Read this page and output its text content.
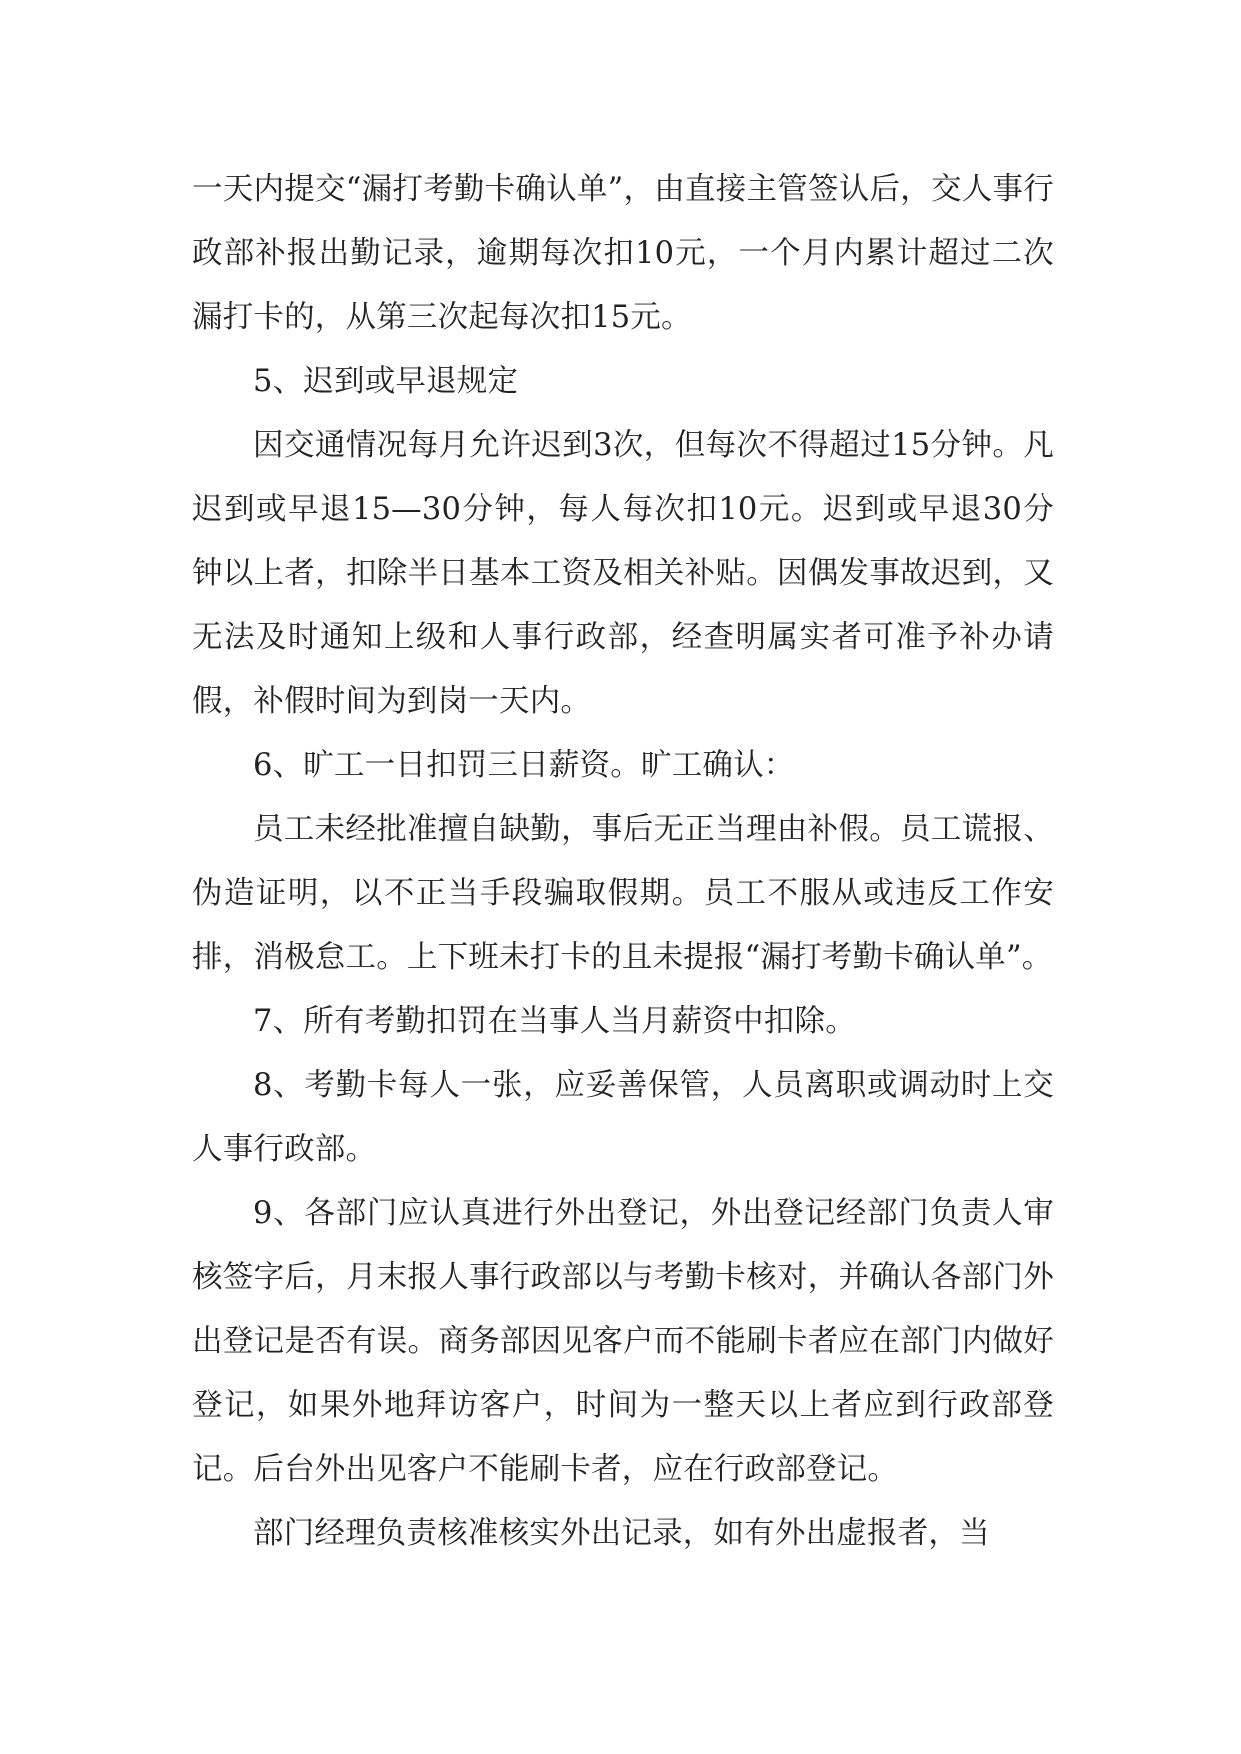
一天内提交“漏打考勤卡确认单”，由直接主管签认后，交人事行政部补报出勤记录，逾期每次扣10元，一个月内累计超过二次漏打卡的，从第三次起每次扣15元。

5、迟到或早退规定

因交通情况每月允许迟到3次，但每次不得超过15分钟。凡迟到或早退15—30分钟，每人每次扣10元。迟到或早退30分钟以上者，扣除半日基本工资及相关补贴。因偶发事故迟到，又无法及时通知上级和人事行政部，经查明属实者可准予补办请假，补假时间为到岗一天内。

6、旷工一日扣罚三日薪资。旷工确认：

员工未经批准擅自缺勤，事后无正当理由补假。员工谎报、伪造证明，以不正当手段骗取假期。员工不服从或违反工作安排，消极怠工。上下班未打卡的且未提报“漏打考勤卡确认单”。

7、所有考勤扣罚在当事人当月薪资中扣除。

8、考勤卡每人一张，应妥善保管，人员离职或调动时上交人事行政部。

9、各部门应认真进行外出登记，外出登记经部门负责人审核签字后，月末报人事行政部以与考勤卡核对，并确认各部门外出登记是否有误。商务部因见客户而不能刷卡者应在部门内做好登记，如果外地拜访客户，时间为一整天以上者应到行政部登记。后台外出见客户不能刷卡者，应在行政部登记。

部门经理负责核准核实外出记录，如有外出虚报者，当
